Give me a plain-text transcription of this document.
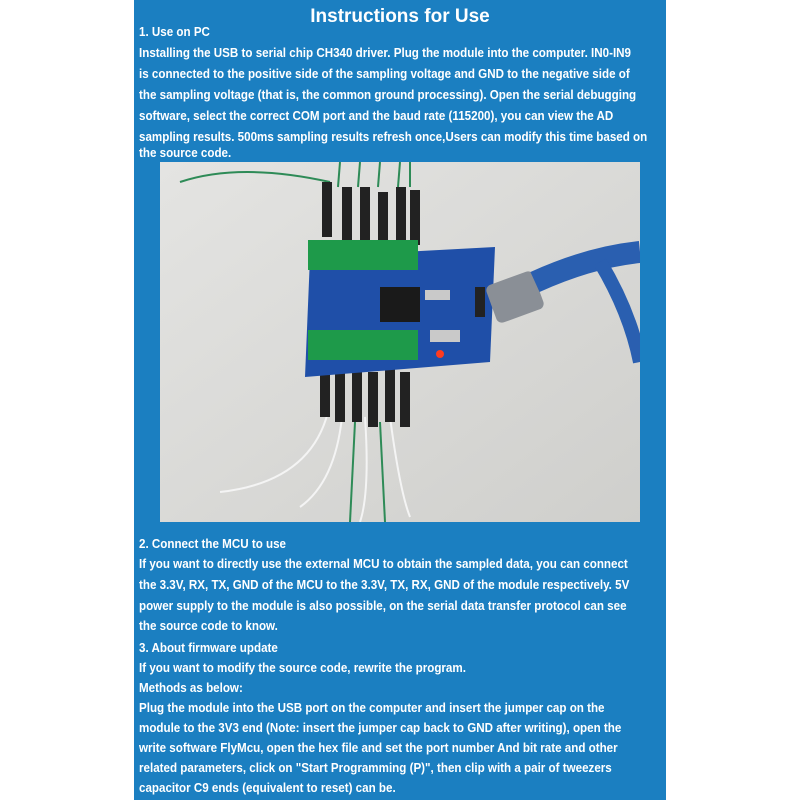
Instructions for Use
1. Use on PC
Installing the USB to serial chip CH340 driver. Plug the module into the computer. IN0-IN9
is connected to the positive side of the sampling voltage and GND to the negative side of
the sampling voltage (that is, the common ground processing). Open the serial debugging
software, select the correct COM port and the baud rate (115200), you can view the AD
sampling results. 500ms sampling results refresh once,Users can modify this time based on
the source code.
2. Connect the MCU to use
If you want to directly use the external MCU to obtain the sampled data, you can connect
the 3.3V, RX, TX, GND of the MCU to the 3.3V, TX, RX, GND of the module respectively. 5V
power supply to the module is also possible, on the serial data transfer protocol can see
the source code to know.
3. About firmware update
If you want to modify the source code, rewrite the program.
Methods as below:
Plug the module into the USB port on the computer and insert the jumper cap on the
module to the 3V3 end (Note: insert the jumper cap back to GND after writing), open the
write software FlyMcu, open the hex file and set the port number And bit rate and other
related parameters, click on "Start Programming (P)", then clip with a pair of tweezers
capacitor C9 ends (equivalent to reset) can be.
